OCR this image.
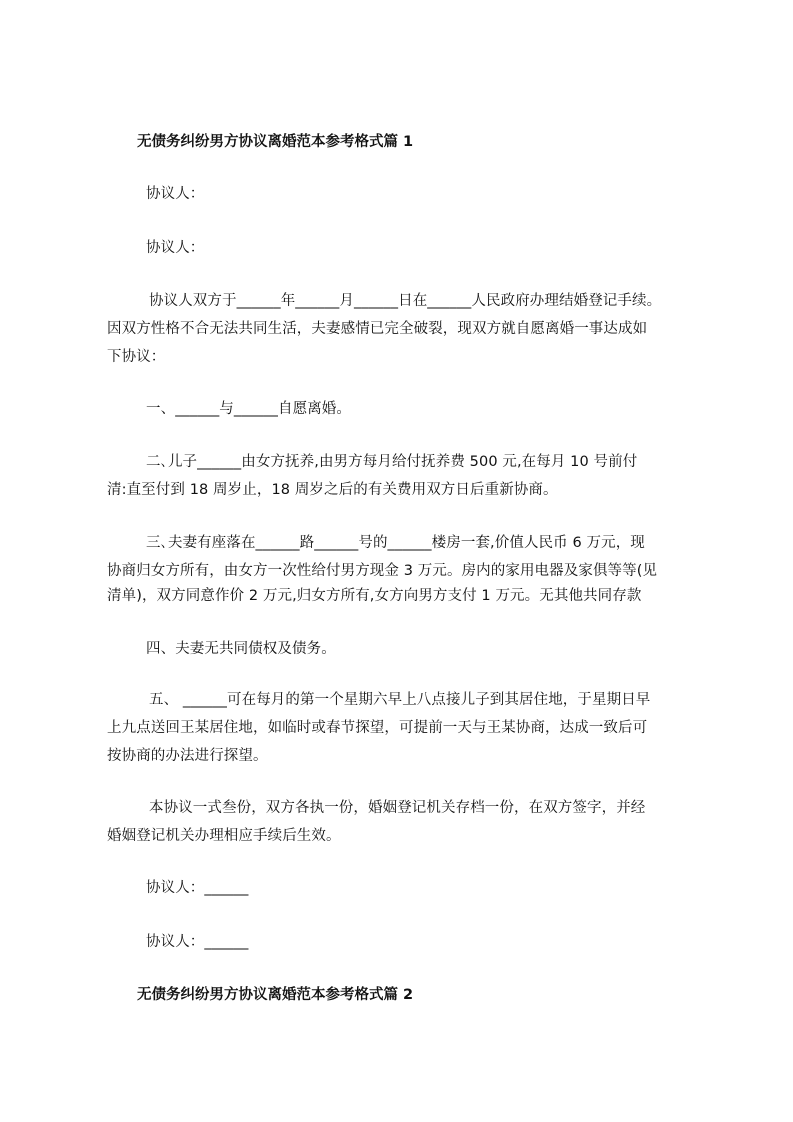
无债务纠纷男方协议离婚范本参考格式篇 1
协议人：
协议人：
协议人双方于______年______月______日在______人民政府办理结婚登记手续。
因双方性格不合无法共同生活，夫妻感情已完全破裂，现双方就自愿离婚一事达成如
下协议：
一、______与______自愿离婚。
二､儿子______由女方抚养,由男方每月给付抚养费 500 元,在每月 10 号前付
清:直至付到 18 周岁止，18 周岁之后的有关费用双方日后重新协商。
三､夫妻有座落在______路______号的______楼房一套,价值人民币 6 万元，现
协商归女方所有，由女方一次性给付男方现金 3 万元。房内的家用电器及家俱等等(见
清单)，双方同意作价 2 万元,归女方所有,女方向男方支付 1 万元。无其他共同存款
四、夫妻无共同债权及债务。
五、 ______可在每月的第一个星期六早上八点接儿子到其居住地，于星期日早
上九点送回王某居住地，如临时或春节探望，可提前一天与王某协商，达成一致后可
按协商的办法进行探望。
本协议一式叁份，双方各执一份，婚姻登记机关存档一份，在双方签字，并经
婚姻登记机关办理相应手续后生效。
协议人：______
协议人：______
无债务纠纷男方协议离婚范本参考格式篇 2
